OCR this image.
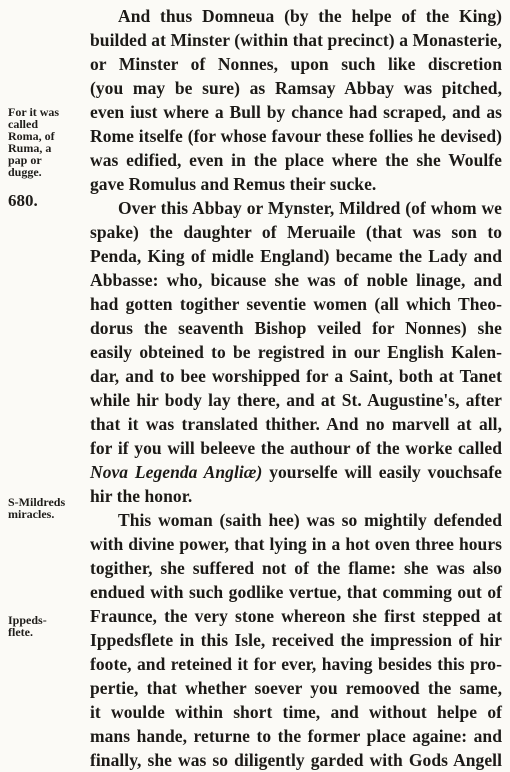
For it was
called
Roma, of
Ruma, a
pap or
dugge.
680.
S-Mildreds
miracles.
Ippeds-
flete.
And thus Domneua (by the helpe of the King)
builded at Minster (within that precinct) a Monasterie,
or Minster of Nonnes, upon such like discretion
(you may be sure) as Ramsay Abbay was pitched,
even iust where a Bull by chance had scraped, and as
Rome itselfe (for whose favour these follies he devised)
was edified, even in the place where the she Woulfe
gave Romulus and Remus their sucke.
Over this Abbay or Mynster, Mildred (of whom we
spake) the daughter of Meruaile (that was son to
Penda, King of midle England) became the Lady and
Abbasse: who, bicause she was of noble linage, and
had gotten togither seventie women (all which Theo-
dorus the seaventh Bishop veiled for Nonnes) she
easily obteined to be registred in our English Kalen-
dar, and to bee worshipped for a Saint, both at Tanet
while hir body lay there, and at St. Augustine's, after
that it was translated thither. And no marvell at all,
for if you will beleeve the authour of the worke called
Nova Legenda Angliæ) yourselfe will easily vouchsafe
hir the honor.
This woman (saith hee) was so mightily defended
with divine power, that lying in a hot oven three hours
togither, she suffered not of the flame: she was also
endued with such godlike vertue, that comming out of
Fraunce, the very stone whereon she first stepped at
Ippedsflete in this Isle, received the impression of hir
foote, and reteined it for ever, having besides this pro-
pertie, that whether soever you remooved the same,
it woulde within short time, and without helpe of
mans hande, returne to the former place againe: and
finally, she was so diligently garded with Gods Angell
